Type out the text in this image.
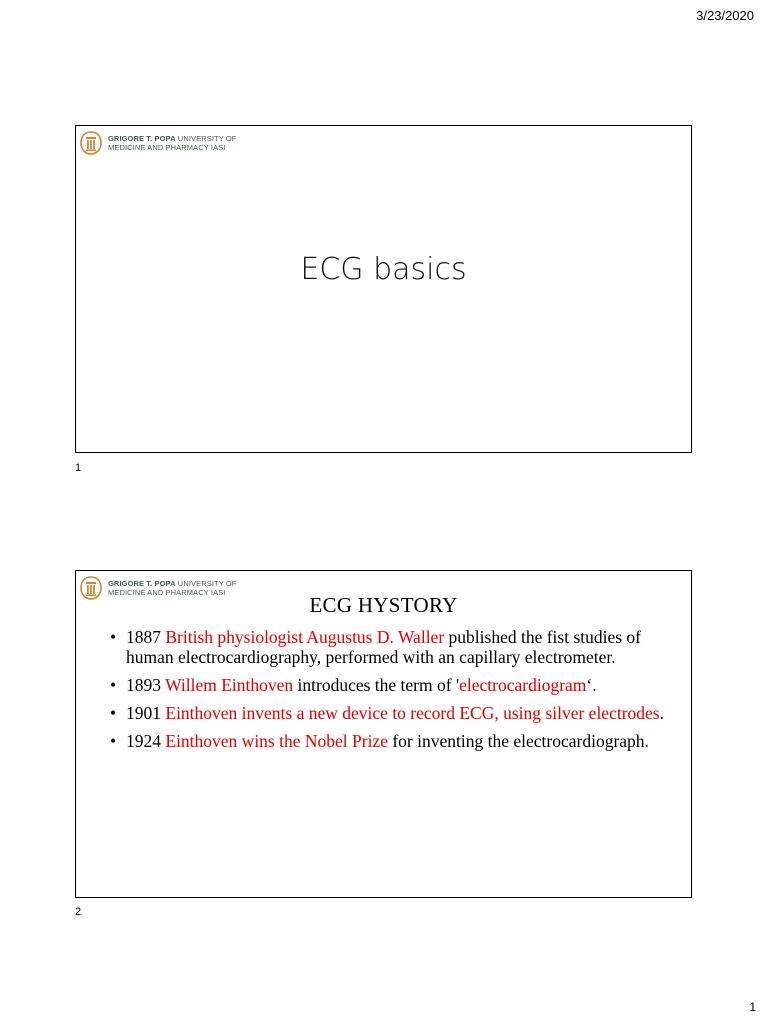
3/23/2020
GRIGORE T. POPA UNIVERSITY OF
MEDICINE AND PHARMACY IASI
ECG basics
1
GRIGORE T. POPA UNIVERSITY OF
MEDICINE AND PHARMACY IASI
ECG HYSTORY
• 1887 British physiologist Augustus D. Waller published the fist studies of human electrocardiography, performed with an capillary electrometer.
• 1893 Willem Einthoven introduces the term of 'electrocardiogram‘.
• 1901 Einthoven invents a new device to record ECG, using silver electrodes.
• 1924 Einthoven wins the Nobel Prize for inventing the electrocardiograph.
2
1
